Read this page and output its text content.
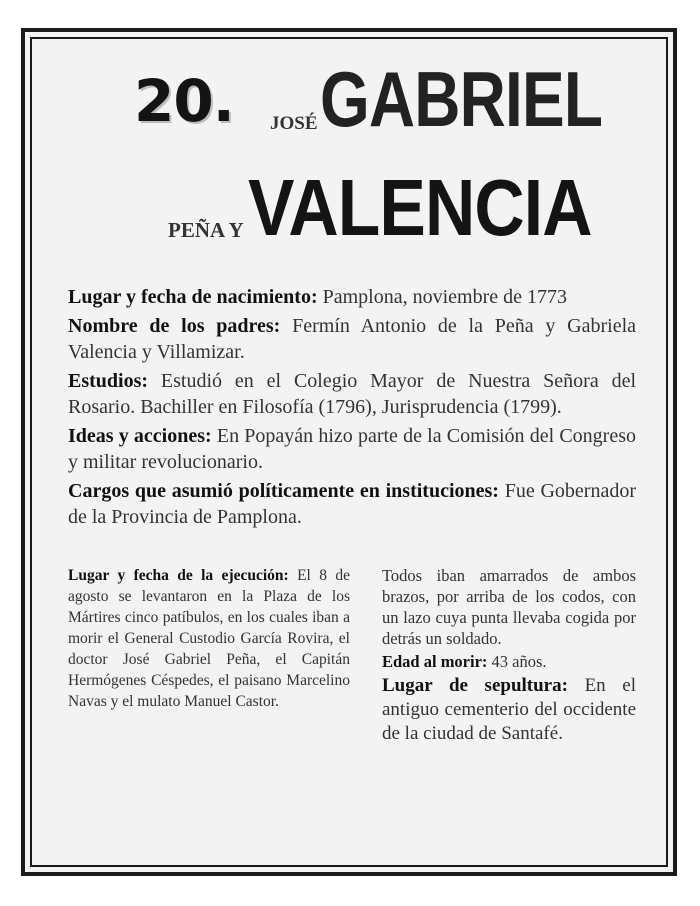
20. JOSÉ GABRIEL
PEÑA Y VALENCIA

Lugar y fecha de nacimiento: Pamplona, noviembre de 1773

Nombre de los padres: Fermín Antonio de la Peña y Gabriela Valencia y Villamizar.

Estudios: Estudió en el Colegio Mayor de Nuestra Señora del Rosario. Bachiller en Filosofía (1796), Jurisprudencia (1799).

Ideas y acciones: En Popayán hizo parte de la Comisión del Congreso y militar revolucionario.

Cargos que asumió políticamente en instituciones: Fue Gobernador de la Provincia de Pamplona.

Lugar y fecha de la ejecución: El 8 de agosto se levantaron en la Plaza de los Mártires cinco patíbulos, en los cuales iban a morir el General Custodio García Rovira, el doctor José Gabriel Peña, el Capitán Hermógenes Céspedes, el paisano Marcelino Navas y el mulato Manuel Castor.

Todos iban amarrados de ambos brazos, por arriba de los codos, con un lazo cuya punta llevaba cogida por detrás un soldado.

Edad al morir: 43 años.

Lugar de sepultura: En el antiguo cementerio del occidente de la ciudad de Santafé.
